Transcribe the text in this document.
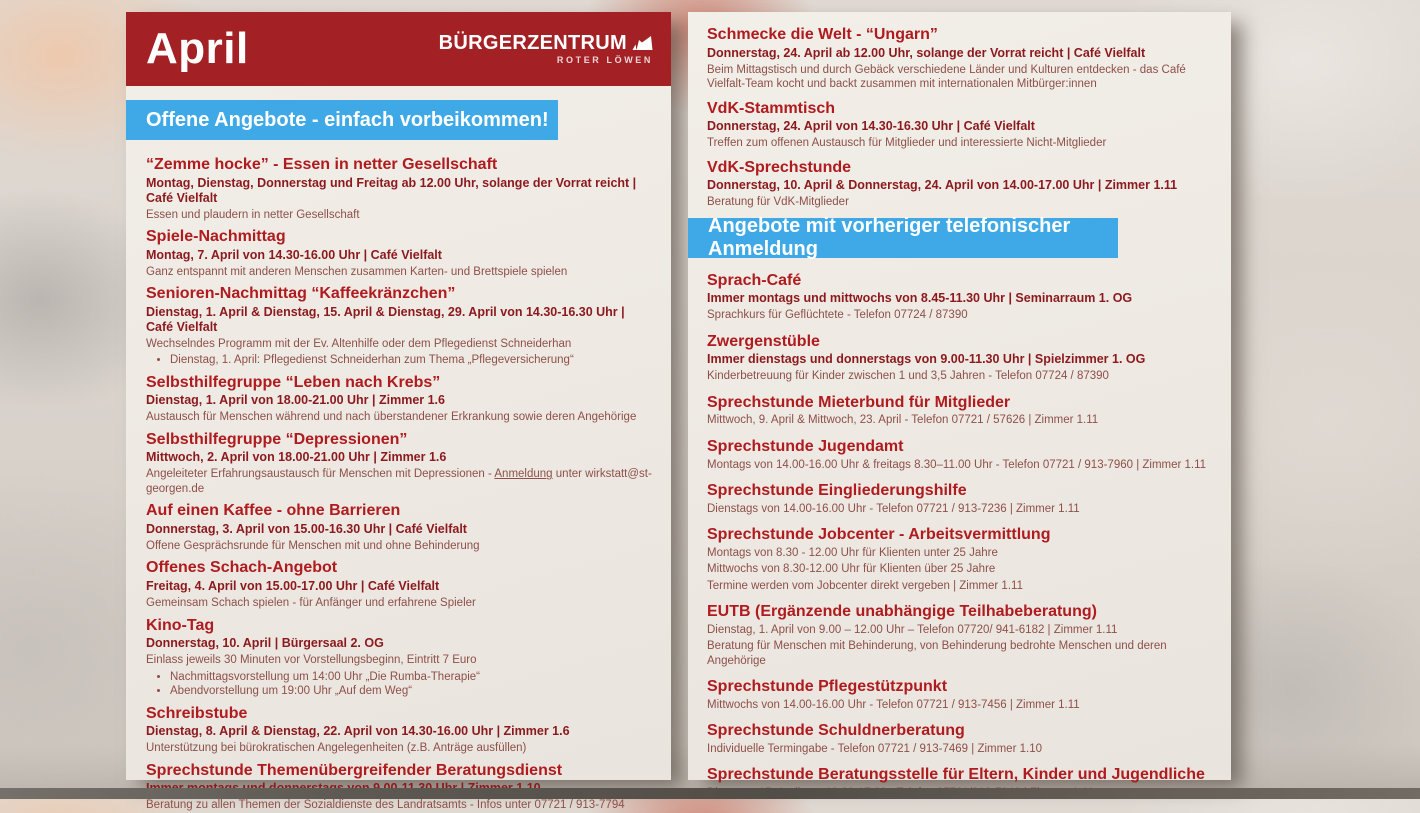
April	BÜRGERZENTRUM
ROTER LÖWEN
Offene Angebote - einfach vorbeikommen!
“Zemme hocke” - Essen in netter Gesellschaft
Montag, Dienstag, Donnerstag und Freitag ab 12.00 Uhr, solange der Vorrat reicht | Café Vielfalt
Essen und plaudern in netter Gesellschaft
Spiele-Nachmittag
Montag, 7. April von 14.30-16.00 Uhr | Café Vielfalt
Ganz entspannt mit anderen Menschen zusammen Karten- und Brettspiele spielen
Senioren-Nachmittag “Kaffeekränzchen”
Dienstag, 1. April & Dienstag, 15. April & Dienstag, 29. April von 14.30-16.30 Uhr | Café Vielfalt
Wechselndes Programm mit der Ev. Altenhilfe oder dem Pflegedienst Schneiderhan
• Dienstag, 1. April: Pflegedienst Schneiderhan zum Thema „Pflegeversicherung“
Selbsthilfegruppe “Leben nach Krebs”
Dienstag, 1. April von 18.00-21.00 Uhr | Zimmer 1.6
Austausch für Menschen während und nach überstandener Erkrankung sowie deren Angehörige
Selbsthilfegruppe “Depressionen”
Mittwoch, 2. April von 18.00-21.00 Uhr | Zimmer 1.6
Angeleiteter Erfahrungsaustausch für Menschen mit Depressionen - Anmeldung unter wirkstatt@st-georgen.de
Auf einen Kaffee - ohne Barrieren
Donnerstag, 3. April von 15.00-16.30 Uhr | Café Vielfalt
Offene Gesprächsrunde für Menschen mit und ohne Behinderung
Offenes Schach-Angebot
Freitag, 4. April von 15.00-17.00 Uhr | Café Vielfalt
Gemeinsam Schach spielen - für Anfänger und erfahrene Spieler
Kino-Tag
Donnerstag, 10. April | Bürgersaal 2. OG
Einlass jeweils 30 Minuten vor Vorstellungsbeginn, Eintritt 7 Euro
• Nachmittagsvorstellung um 14:00 Uhr „Die Rumba-Therapie“
• Abendvorstellung um 19:00 Uhr „Auf dem Weg“
Schreibstube
Dienstag, 8. April & Dienstag, 22. April von 14.30-16.00 Uhr | Zimmer 1.6
Unterstützung bei bürokratischen Angelegenheiten (z.B. Anträge ausfüllen)
Sprechstunde Themenübergreifender Beratungsdienst
Beratung zu allen Themen der Sozialdienste des Landratsamts - Infos unter 07721 / 913-7794
Schmecke die Welt - “Ungarn”
Donnerstag, 24. April ab 12.00 Uhr, solange der Vorrat reicht | Café Vielfalt
Beim Mittagstisch und durch Gebäck verschiedene Länder und Kulturen entdecken - das Café Vielfalt-Team kocht und backt zusammen mit internationalen Mitbürger:innen
VdK-Stammtisch
Donnerstag, 24. April von 14.30-16.30 Uhr | Café Vielfalt
Treffen zum offenen Austausch für Mitglieder und interessierte Nicht-Mitglieder
VdK-Sprechstunde
Donnerstag, 10. April & Donnerstag, 24. April von 14.00-17.00 Uhr | Zimmer 1.11
Beratung für VdK-Mitglieder
Angebote mit vorheriger telefonischer Anmeldung
Sprach-Café
Immer montags und mittwochs von 8.45-11.30 Uhr | Seminarraum 1. OG
Sprachkurs für Geflüchtete - Telefon 07724 / 87390
Zwergenstüble
Immer dienstags und donnerstags von 9.00-11.30 Uhr | Spielzimmer 1. OG
Kinderbetreuung für Kinder zwischen 1 und 3,5 Jahren - Telefon 07724 / 87390
Sprechstunde Mieterbund für Mitglieder
Mittwoch, 9. April & Mittwoch, 23. April - Telefon 07721 / 57626 | Zimmer 1.11
Sprechstunde Jugendamt
Montags von 14.00-16.00 Uhr & freitags 8.30–11.00 Uhr - Telefon 07721 / 913-7960 | Zimmer 1.11
Sprechstunde Eingliederungshilfe
Dienstags von 14.00-16.00 Uhr - Telefon 07721 / 913-7236 | Zimmer 1.11
Sprechstunde Jobcenter - Arbeitsvermittlung
Montags von 8.30 - 12.00 Uhr für Klienten unter 25 Jahre
Mittwochs von 8.30-12.00 Uhr für Klienten über 25 Jahre
Termine werden vom Jobcenter direkt vergeben | Zimmer 1.11
EUTB (Ergänzende unabhängige Teilhabeberatung)
Dienstag, 1. April von 9.00 – 12.00 Uhr – Telefon 07720/ 941-6182 | Zimmer 1.11
Beratung für Menschen mit Behinderung, von Behinderung bedrohte Menschen und deren Angehörige
Sprechstunde Pflegestützpunkt
Mittwochs von 14.00-16.00 Uhr - Telefon 07721 / 913-7456 | Zimmer 1.11
Sprechstunde Schuldnerberatung
Individuelle Termingabe - Telefon 07721 / 913-7469 | Zimmer 1.10
Sprechstunde Beratungsstelle für Eltern, Kinder und Jugendliche
